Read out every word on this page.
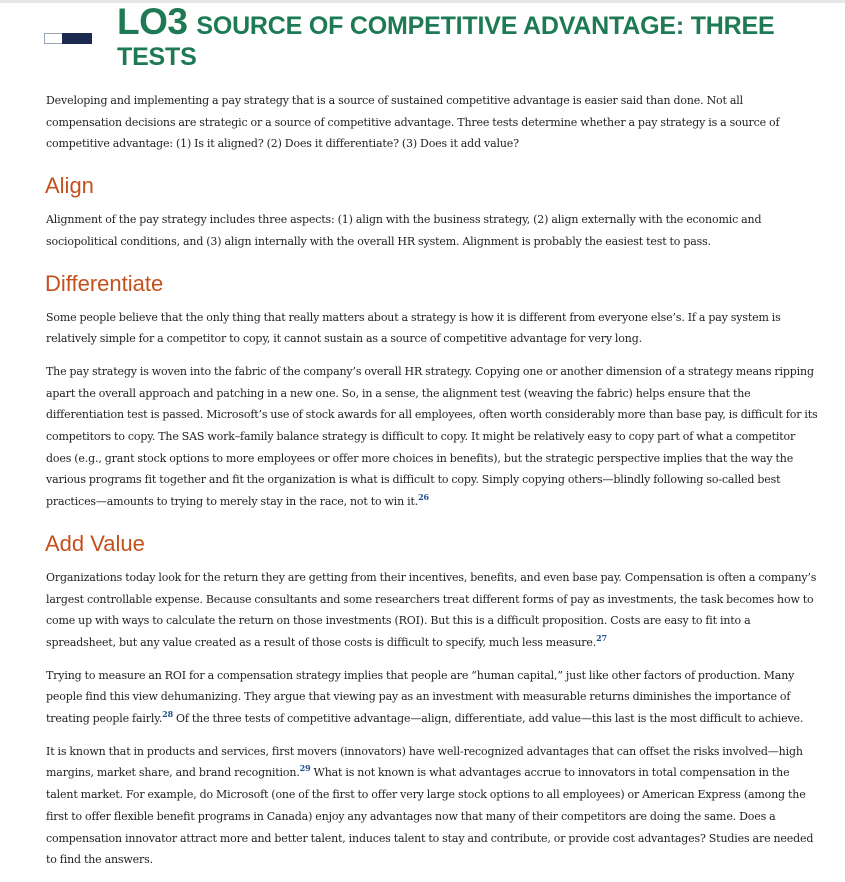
LO3 SOURCE OF COMPETITIVE ADVANTAGE: THREE TESTS

Developing and implementing a pay strategy that is a source of sustained competitive advantage is easier said than done. Not all compensation decisions are strategic or a source of competitive advantage. Three tests determine whether a pay strategy is a source of competitive advantage: (1) Is it aligned? (2) Does it differentiate? (3) Does it add value?

Align

Alignment of the pay strategy includes three aspects: (1) align with the business strategy, (2) align externally with the economic and sociopolitical conditions, and (3) align internally with the overall HR system. Alignment is probably the easiest test to pass.

Differentiate

Some people believe that the only thing that really matters about a strategy is how it is different from everyone else’s. If a pay system is relatively simple for a competitor to copy, it cannot sustain as a source of competitive advantage for very long.

The pay strategy is woven into the fabric of the company’s overall HR strategy. Copying one or another dimension of a strategy means ripping apart the overall approach and patching in a new one. So, in a sense, the alignment test (weaving the fabric) helps ensure that the differentiation test is passed. Microsoft’s use of stock awards for all employees, often worth considerably more than base pay, is difficult for its competitors to copy. The SAS work–family balance strategy is difficult to copy. It might be relatively easy to copy part of what a competitor does (e.g., grant stock options to more employees or offer more choices in benefits), but the strategic perspective implies that the way the various programs fit together and fit the organization is what is difficult to copy. Simply copying others—blindly following so-called best practices—amounts to trying to merely stay in the race, not to win it.$^{26}$

Add Value

Organizations today look for the return they are getting from their incentives, benefits, and even base pay. Compensation is often a company’s largest controllable expense. Because consultants and some researchers treat different forms of pay as investments, the task becomes how to come up with ways to calculate the return on those investments (ROI). But this is a difficult proposition. Costs are easy to fit into a spreadsheet, but any value created as a result of those costs is difficult to specify, much less measure.$^{27}$

Trying to measure an ROI for a compensation strategy implies that people are “human capital,” just like other factors of production. Many people find this view dehumanizing. They argue that viewing pay as an investment with measurable returns diminishes the importance of treating people fairly.$^{28}$ Of the three tests of competitive advantage—align, differentiate, add value—this last is the most difficult to achieve.

It is known that in products and services, first movers (innovators) have well-recognized advantages that can offset the risks involved—high margins, market share, and brand recognition.$^{29}$ What is not known is what advantages accrue to innovators in total compensation in the talent market. For example, do Microsoft (one of the first to offer very large stock options to all employees) or American Express (among the first to offer flexible benefit programs in Canada) enjoy any advantages now that many of their competitors are doing the same. Does a compensation innovator attract more and better talent, induces talent to stay and contribute, or provide cost advantages? Studies are needed to find the answers.
